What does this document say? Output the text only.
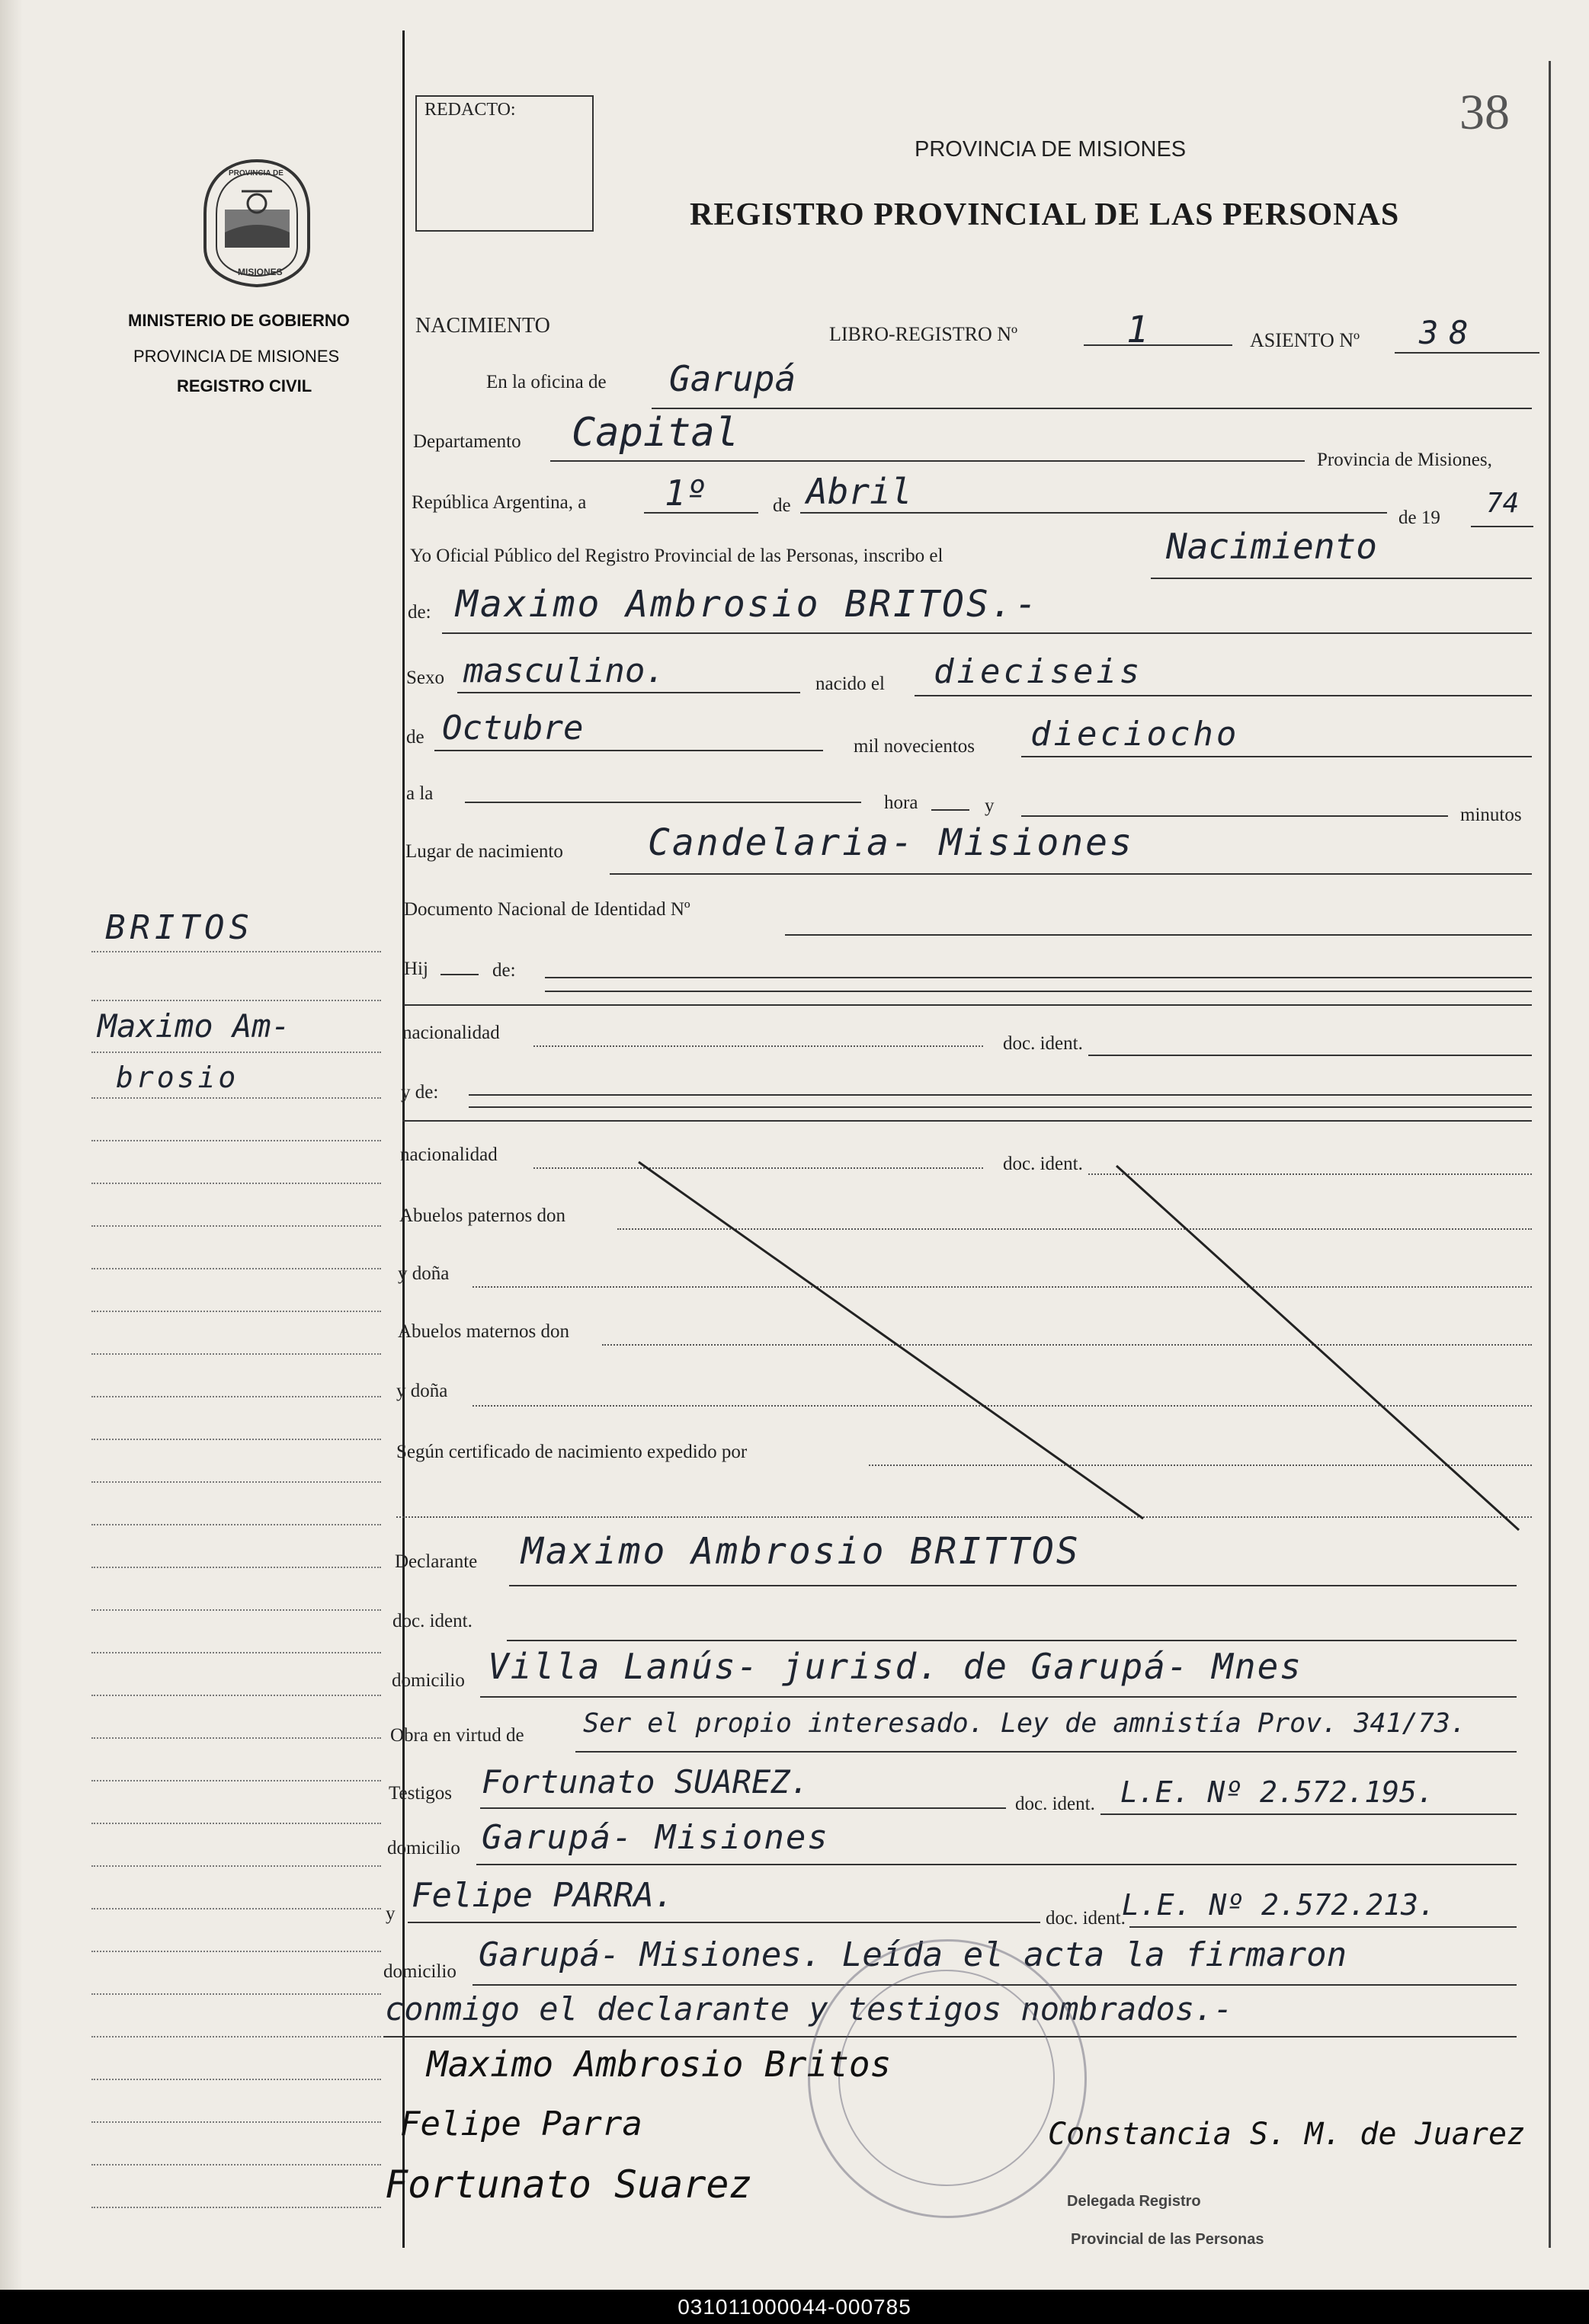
38
REDACTO:
PROVINCIA DE MISIONES
REGISTRO PROVINCIAL DE LAS PERSONAS
PROVINCIA DE
MISIONES
MINISTERIO DE GOBIERNO
PROVINCIA DE MISIONES
REGISTRO CIVIL
BRITOS
Maximo Am-
brosio
NACIMIENTO	LIBRO-REGISTRO Nº	1	ASIENTO Nº 38
En la oficina de Garupá
Departamento Capital
Provincia de Misiones,
República Argentina, a 1º	de Abril
de 19 74
Yo Oficial Público del Registro Provincial de las Personas, inscribo el	Nacimiento
de: Maximo Ambrosio BRITOS.-
Sexo masculino.	nacido el dieciseis
de Octubre	mil novecientos dieciocho
a la	hora	y	minutos
Lugar de nacimiento Candelaria- Misiones
Documento Nacional de Identidad Nº
Hij	de:
nacionalidad
doc. ident.
y de:
nacionalidad	doc. ident.
Abuelos paternos don
y doña
Abuelos maternos don
y doña
Según certificado de nacimiento expedido por
Declarante Maximo Ambrosio BRITTOS
doc. ident.
domicilio Villa Lanús- jurisd. de Garupá- Mnes
Obra en virtud de Ser el propio interesado. Ley de amnistía Prov. 341/73.
Testigos Fortunato SUAREZ.
doc. ident. L.E. Nº 2.572.195.
domicilio Garupá- Misiones
y Felipe PARRA.
doc. ident.
L.E. Nº 2.572.213.
domicilio Garupá- Misiones. Leída el acta la firmaron
conmigo el declarante y testigos nombrados.-
Maximo Ambrosio Britos
Felipe Parra
Fortunato Suarez
Constancia S. M. de Juarez
Delegada Registro
Provincial de las Personas
031011000044-000785
